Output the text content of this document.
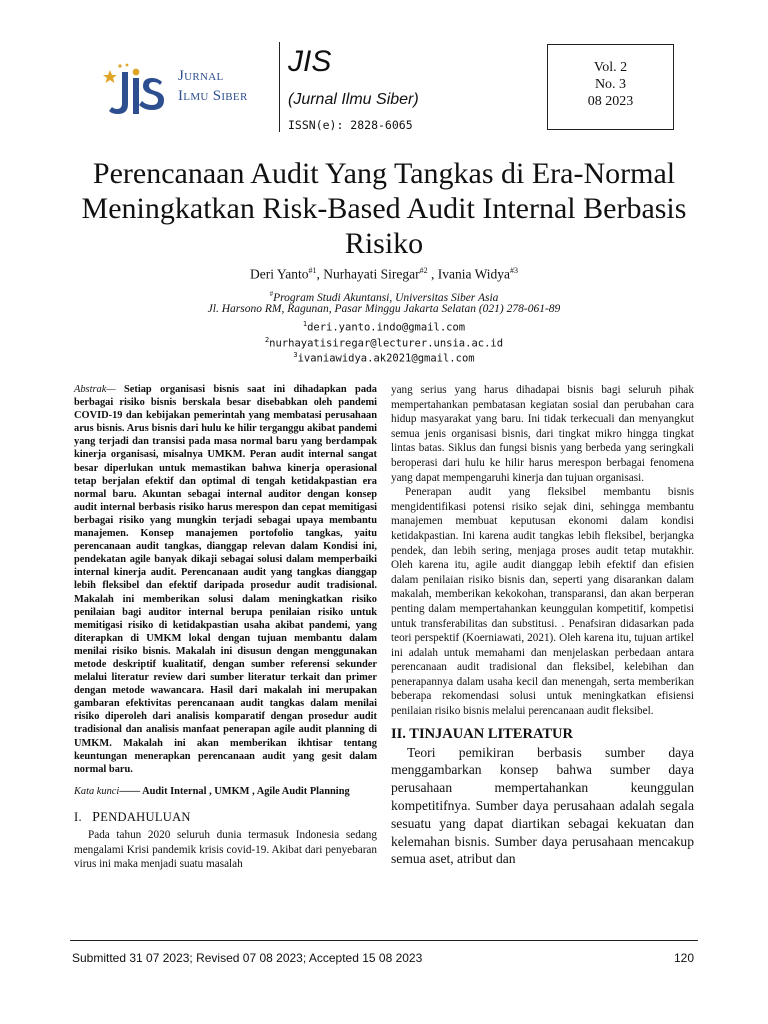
Jurnal
Ilmu Siber
JIS
(Jurnal Ilmu Siber)
ISSN(e): 2828-6065
Vol. 2
No. 3
08 2023
Perencanaan Audit Yang Tangkas di Era-Normal Meningkatkan Risk-Based Audit Internal Berbasis Risiko
Deri Yanto$^{\#1}$, Nurhayati Siregar$^{\#2}$ , Ivania Widya$^{\#3}$
#Program Studi Akuntansi, Universitas Siber Asia
Jl. Harsono RM, Ragunan, Pasar Minggu Jakarta Selatan (021) 278-061-89
$^1$deri.yanto.indo@gmail.com
$^2$nurhayatisiregar@lecturer.unsia.ac.id
$^3$ivaniawidya.ak2021@gmail.com

Abstrak— Setiap organisasi bisnis saat ini dihadapkan pada berbagai risiko bisnis berskala besar disebabkan oleh pandemi COVID-19 dan kebijakan pemerintah yang membatasi perusahaan arus bisnis. Arus bisnis dari hulu ke hilir terganggu akibat pandemi yang terjadi dan transisi pada masa normal baru yang berdampak kinerja organisasi, misalnya UMKM. Peran audit internal sangat besar diperlukan untuk memastikan bahwa kinerja operasional tetap berjalan efektif dan optimal di tengah ketidakpastian era normal baru. Akuntan sebagai internal auditor dengan konsep audit internal berbasis risiko harus merespon dan cepat memitigasi berbagai risiko yang mungkin terjadi sebagai upaya membantu manajemen. Konsep manajemen portofolio tangkas, yaitu perencanaan audit tangkas, dianggap relevan dalam Kondisi ini, pendekatan agile banyak dikaji sebagai solusi dalam memperbaiki internal kinerja audit. Perencanaan audit yang tangkas dianggap lebih fleksibel dan efektif daripada prosedur audit tradisional. Makalah ini memberikan solusi dalam meningkatkan risiko penilaian bagi auditor internal berupa penilaian risiko untuk memitigasi risiko di ketidakpastian usaha akibat pandemi, yang diterapkan di UMKM lokal dengan tujuan membantu dalam menilai risiko bisnis. Makalah ini disusun dengan menggunakan metode deskriptif kualitatif, dengan sumber referensi sekunder melalui literatur review dari sumber literatur terkait dan primer dengan metode wawancara. Hasil dari makalah ini merupakan gambaran efektivitas perencanaan audit tangkas dalam menilai risiko diperoleh dari analisis komparatif dengan prosedur audit tradisional dan analisis manfaat penerapan agile audit planning di UMKM. Makalah ini akan memberikan ikhtisar tentang keuntungan menerapkan perencanaan audit yang gesit dalam normal baru.

Kata kunci—— Audit Internal , UMKM , Agile Audit Planning
I. PENDAHULUAN

Pada tahun 2020 seluruh dunia termasuk Indonesia sedang mengalami Krisi pandemik krisis covid-19. Akibat dari penyebaran virus ini maka menjadi suatu masalah

yang serius yang harus dihadapai bisnis bagi seluruh pihak mempertahankan pembatasan kegiatan sosial dan perubahan cara hidup masyarakat yang baru. Ini tidak terkecuali dan menyangkut semua jenis organisasi bisnis, dari tingkat mikro hingga tingkat lintas batas. Siklus dan fungsi bisnis yang berbeda yang seringkali beroperasi dari hulu ke hilir harus merespon berbagai fenomena yang dapat mempengaruhi kinerja dan tujuan organisasi.

Penerapan audit yang fleksibel membantu bisnis mengidentifikasi potensi risiko sejak dini, sehingga membantu manajemen membuat keputusan ekonomi dalam kondisi ketidakpastian. Ini karena audit tangkas lebih fleksibel, berjangka pendek, dan lebih sering, menjaga proses audit tetap mutakhir. Oleh karena itu, agile audit dianggap lebih efektif dan efisien dalam penilaian risiko bisnis dan, seperti yang disarankan dalam makalah, memberikan kekokohan, transparansi, dan akan berperan penting dalam mempertahankan keunggulan kompetitif, kompetisi untuk transferabilitas dan substitusi. . Penafsiran didasarkan pada teori perspektif (Koerniawati, 2021). Oleh karena itu, tujuan artikel ini adalah untuk memahami dan menjelaskan perbedaan antara perencanaan audit tradisional dan fleksibel, kelebihan dan penerapannya dalam usaha kecil dan menengah, serta memberikan beberapa rekomendasi solusi untuk meningkatkan efisiensi penilaian risiko bisnis melalui perencanaan audit fleksibel.

II. TINJAUAN LITERATUR

Teori pemikiran berbasis sumber daya menggambarkan konsep bahwa sumber daya perusahaan mempertahankan keunggulan kompetitifnya. Sumber daya perusahaan adalah segala sesuatu yang dapat diartikan sebagai kekuatan dan kelemahan bisnis. Sumber daya perusahaan mencakup semua aset, atribut dan

Submitted 31 07 2023; Revised 07 08 2023; Accepted 15 08 2023	120
